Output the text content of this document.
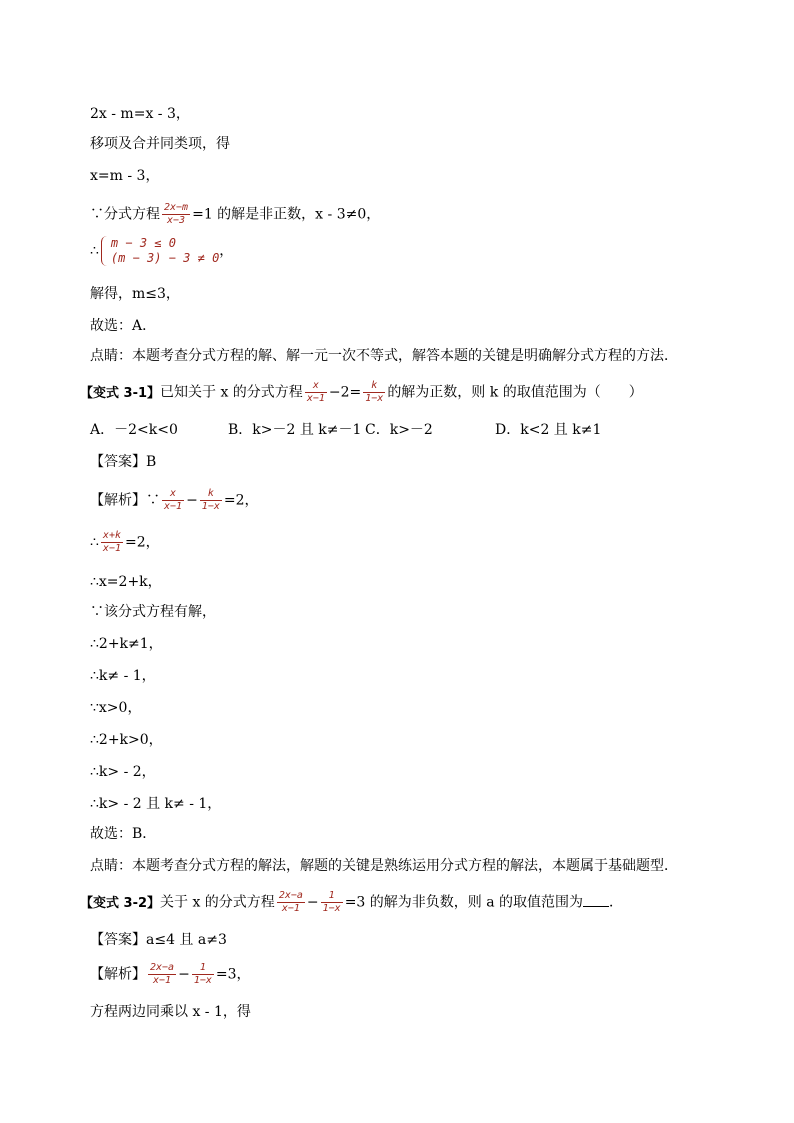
2x - m=x - 3，
移项及合并同类项，得
x=m - 3，
∵分式方程 $\frac{2x-m}{x-3} =1$ 的解是非正数，x - 3≠0，
∴ m − 3 ≤ 0
(m − 3) − 3 ≠ 0 ，
解得，m≤3，
故选：A．
点睛：本题考查分式方程的解、解一元一次不等式，解答本题的关键是明确解分式方程的方法．
【变式 3-1】已知关于 x 的分式方程 $\frac{x}{x-1} -2= \frac{k}{1-x}$ 的解为正数，则 k 的取值范围为（　　）
A．－2<k<0	B．k>－2 且 k≠－1 C．k>－2	D．k<2 且 k≠1
【答案】B
【解析】∵ $\frac{x}{x-1} - \frac{k}{1-x} =2$，
∴ $\frac{x+k}{x-1} =2$，
∴x=2+k，
∵该分式方程有解，
∴2+k≠1，
∴k≠ - 1，
∵x>0，
∴2+k>0，
∴k> - 2，
∴k> - 2 且 k≠ - 1，
故选：B．
点睛：本题考查分式方程的解法，解题的关键是熟练运用分式方程的解法，本题属于基础题型．
【变式 3-2】关于 x 的分式方程 $\frac{2x-a}{x-1} - \frac{1}{1-x} =3$ 的解为非负数，则 a 的取值范围为 ．
【答案】a≤4 且 a≠3
【解析】 $\frac{2x-a}{x-1} - \frac{1}{1-x} =3$，
方程两边同乘以 x - 1，得
